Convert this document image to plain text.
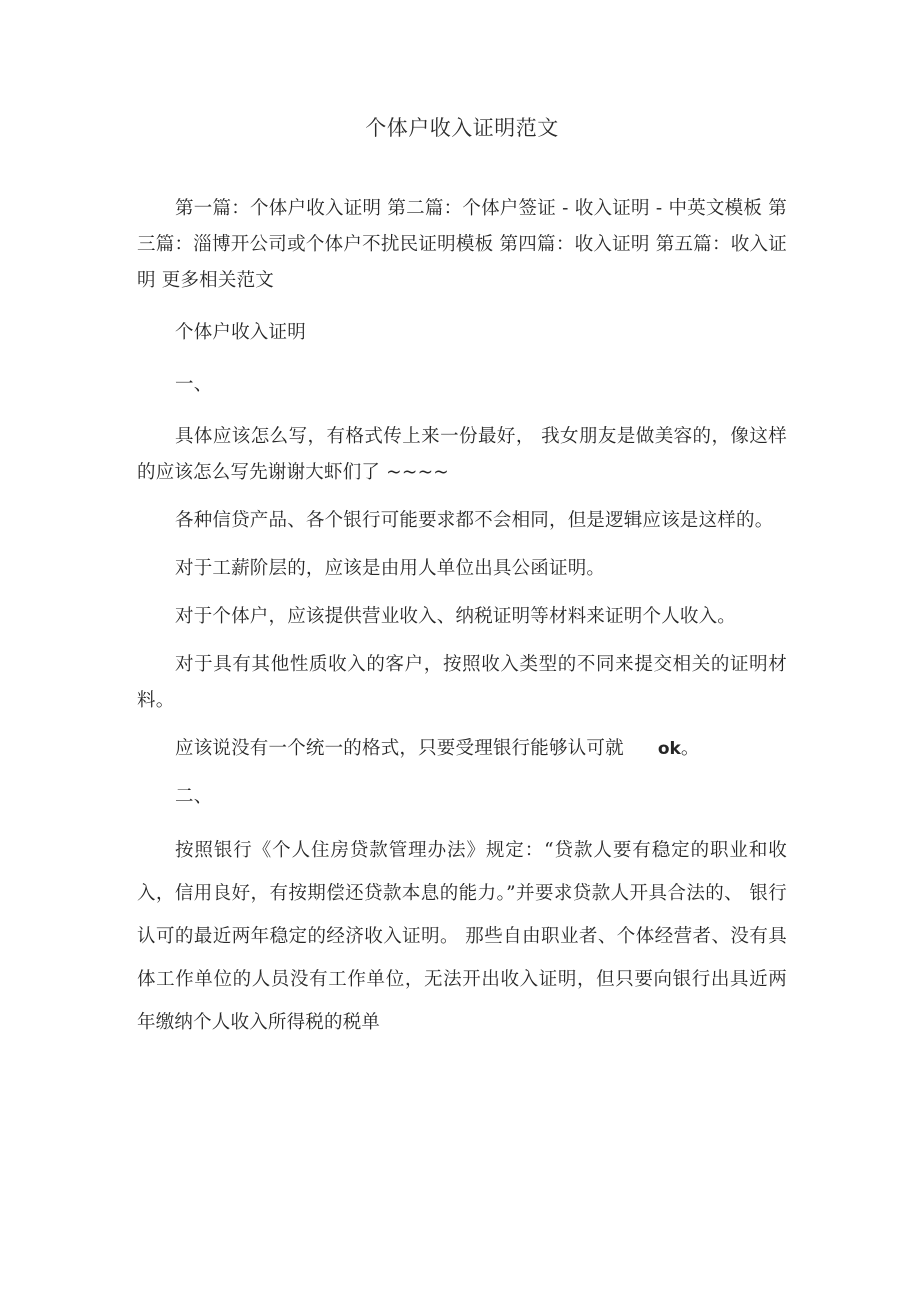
个体户收入证明范文

第一篇：个体户收入证明 第二篇：个体户签证 - 收入证明 - 中英文模板 第三篇：淄博开公司或个体户不扰民证明模板 第四篇：收入证明 第五篇：收入证明 更多相关范文

个体户收入证明

一、

具体应该怎么写，有格式传上来一份最好， 我女朋友是做美容的，像这样的应该怎么写先谢谢大虾们了 ~~~~

各种信贷产品、各个银行可能要求都不会相同，但是逻辑应该是这样的。

对于工薪阶层的，应该是由用人单位出具公函证明。

对于个体户，应该提供营业收入、纳税证明等材料来证明个人收入。

对于具有其他性质收入的客户，按照收入类型的不同来提交相关的证明材料。

应该说没有一个统一的格式，只要受理银行能够认可就 ok。

二、

按照银行《个人住房贷款管理办法》规定：“贷款人要有稳定的职业和收入，信用良好，有按期偿还贷款本息的能力。”并要求贷款人开具合法的、 银行认可的最近两年稳定的经济收入证明。 那些自由职业者、个体经营者、没有具体工作单位的人员没有工作单位，无法开出收入证明，但只要向银行出具近两年缴纳个人收入所得税的税单
